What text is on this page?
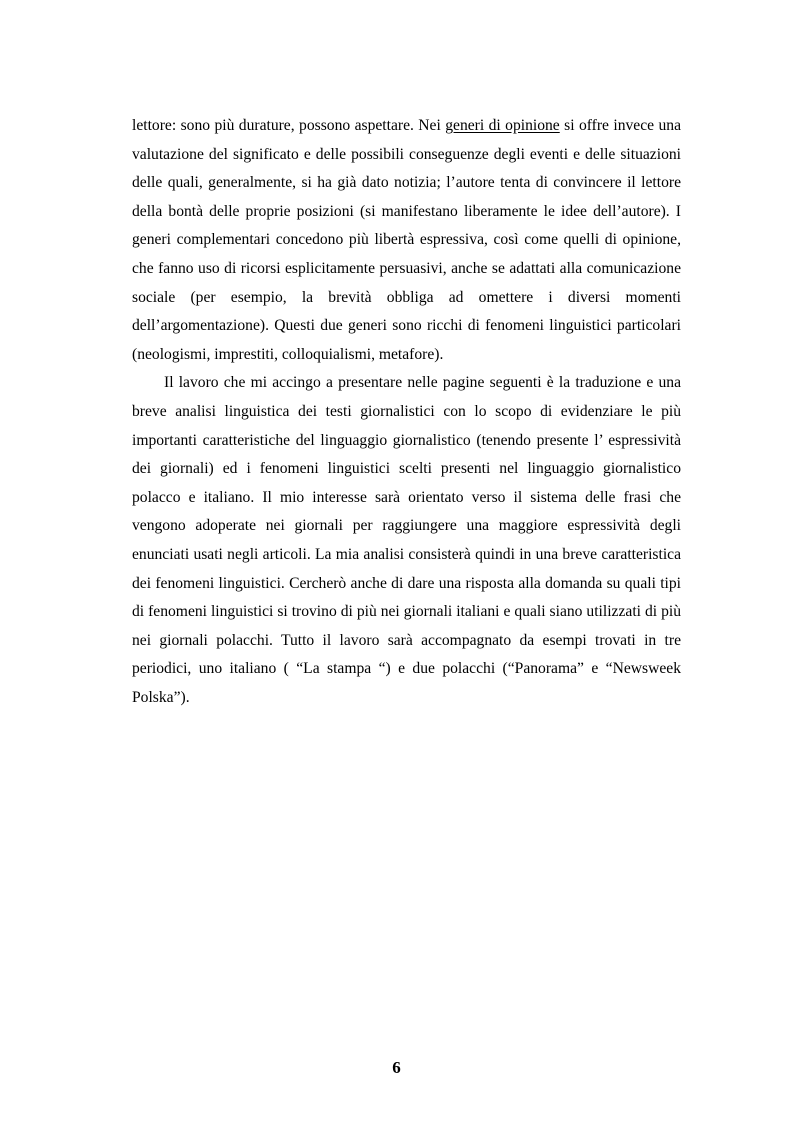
lettore: sono più durature, possono aspettare. Nei generi di opinione si offre invece una valutazione del significato e delle possibili conseguenze degli eventi e delle situazioni delle quali, generalmente, si ha già dato notizia; l’autore tenta di convincere il lettore della bontà delle proprie posizioni (si manifestano liberamente le idee dell’autore). I generi complementari concedono più libertà espressiva, così come quelli di opinione, che fanno uso di ricorsi esplicitamente persuasivi, anche se adattati alla comunicazione sociale (per esempio, la brevità obbliga ad omettere i diversi momenti dell’argomentazione). Questi due generi sono ricchi di fenomeni linguistici particolari (neologismi, imprestiti, colloquialismi, metafore).

Il lavoro che mi accingo a presentare nelle pagine seguenti è la traduzione e una breve analisi linguistica dei testi giornalistici con lo scopo di evidenziare le più importanti caratteristiche del linguaggio giornalistico (tenendo presente l’ espressività dei giornali) ed i fenomeni linguistici scelti presenti nel linguaggio giornalistico polacco e italiano. Il mio interesse sarà orientato verso il sistema delle frasi che vengono adoperate nei giornali per raggiungere una maggiore espressività degli enunciati usati negli articoli. La mia analisi consisterà quindi in una breve caratteristica dei fenomeni linguistici. Cercherò anche di dare una risposta alla domanda su quali tipi di fenomeni linguistici si trovino di più nei giornali italiani e quali siano utilizzati di più nei giornali polacchi. Tutto il lavoro sarà accompagnato da esempi trovati in tre periodici, uno italiano ( “La stampa “) e due polacchi (“Panorama” e “Newsweek Polska”).

6
